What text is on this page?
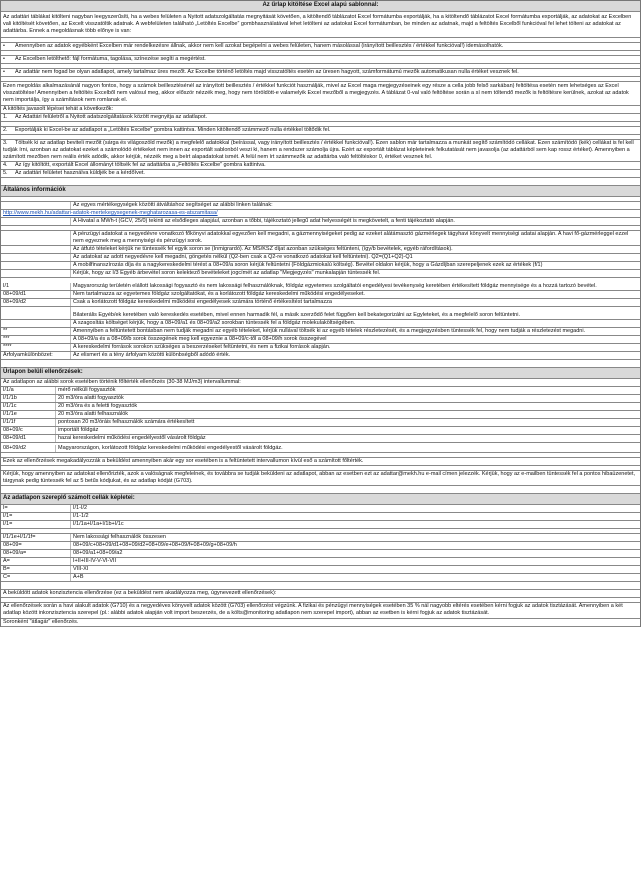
Az űrlap kitöltése Excel alapú sablonnal:
Az adattári táblákat kitölteni nagyban leegyszerűsíti, ha a webes felületen a Nyitott adatszolgáltatás megnyitását követően, a kitöltendő táblázatot Excel formátumba exportálják, ha a kitöltendő táblázatot Excel formátumba exportálják, az adatokat az Excelben vali kitöltését követően, az Excelt visszatöltik adatnak. A webfelületen található „Letöltés Excelbe” gombhasználatával lehet letölteni az adatokat Excel formátumban, be minden az adatnak, majd a feltöltés Excelből funkcióval fel lehet tölteni az adatokat az adattárba. Ennek a megoldásnak több előnye is van:
• Amennyiben az adatok egyébként Excelben már rendelkezésre állnak, akkor nem kell azokat begépelni a webes felületen, hanem másolással (irányított beillesztés / értékkel funkcióval!) idemásolhatók.
• Az Excelben letölthető: fájl formátuma, tagolása, színezése segíti a megértést.
• Az adattár nem fogad be olyan adatlapot, amely tartalmaz üres mezőt. Az Excelbe történő letöltés majd visszatöltés esetén az üresen hagyott, számformátumú mezők automatikusan nulla értéket vesznek fel.
Ezen megoldás alkalmazásánál nagyon fontos, hogy a számok beillesztésénél az irányított beillesztés / értékkel funkciót használják, mivel az Excel maga megjegyzéseinek egy része a cella jobb felső sarkában) feltöltésa esetén nem lehetséges az Excel visszatöltése! Amennyiben a feltöltés Excelből nem valósul meg, akkor először nézzék meg, hogy nem töröldött-e valamelyik Excel mezőből a megjegyzés. A táblázat 0-val való feltöltése során a sí nem töltendő mezők is feltöltésre kerülnek, azokat az adatok nem importálja, így a számítások nem romlanak el.
A kitöltés javasolt lépései tehát a következők:
1. Az Adattári felületről a Nyitott adatszolgáltatások között megnyitja az adatlapot.
2. Exportálják ki Excel-be az adatlapot a „Letöltés Excelbe” gombra kattintva. Minden kitöltendő számmező nulla értékkel töltődik fel.
3. Töltsék ki az adatlap beviteli mezőit (sárga és világoszöld mezők) a megfelelő adatokkal (beírással, vagy irányított beillesztés / értékkel funkcióval!). Ezen sablon már tartalmazza a munkát segítő számítódó cellákat. Ezen számítódó (kék) cellákat is fel kell tudják írni, azonban az adatokat ezeket a számolódó értékeket nem innen az exportált sablonból veszi ki, hanem a rendszer számolja újra. Ezért az exportált táblázat képleteinek felkutatását nem javasolja (az adattárból sem kap rossz értéket). Amennyiben a számított mezőben nem reális érték adódik, akkor kérjük, nézzék meg a beírt alapadatokat ismét. A felül nem írt számmezők az adattárba való feltöltéskor 0, értéket vesznek fel.
4. Az így kitöltött, exportált Excel állományt töltsék fel az adattárba a „Feltöltés Excelbe” gombra kattintva.
5. Az adattári felületet használva küldjék be a kérdőívet.
Általános információk
Az egyes mértékegységek közötti átváltáshoz segítséget az alábbi linken találnak:
http://www.mekh.hu/adattari-adatok-mertekegysegenek-meghatarozasa-es-atszamitasa/
A Hivatal a MWh-t (GCV, 25/0) tekinti az elsődleges alapjául, azonban a tőbbi, tájékoztató jellegű adat helyességét is megkövetelt, a fenti tájékoztató alapján.
A pénzügyi adatokat a negyedévre vonatkozó főkönyvi adatokkal egyezően kell megadni, a gázmennyiségeket pedig az ezeket alátámasztó gázmérlegek tágyhavi könyvelt mennyiségi adatai alapján. A havi fő-gázmérleggel ezzel nem egyeznek meg a mennyiségi és pénzügyi sorok.
Az átfutó tételeket kérjük ne tüntessék fel egyik soron se (Inmigrardó). Az MS/KSZ díjat azonban szükséges feltünteni, (így/b bevételek, egyéb ráfordítások).
Az adatokat az adott negyedévre kell megadni, göngetés nélkül (Q2-ben csak a Q2-re vonatkozó adatokat kell feltüntetni). Q2=(Q1+Q2)-Q1
A mobilfinanszírozás díja és a nagykereskedelmi térést a 08+09/a soron kérjük feltüntetni (Földgázmiokalú költség). Bevétel oldalon kérjük, hogy a Gázdíjban szerepeljenek ezek az értékek (f/1)
Kérjük, hogy az I/3 Egyéb árbevétel soron kelektező bevételeket jogcímét az adatlap "Megjegyzés" munkalapján tüntessék fel.
I/1	Magyarország területén elállott lakossági fogyasztó és nem lakossági felhasználóknak, földgáz egyetemes szolgáltatói engedélyesi tevékenység keretében értékesített földgáz mennyisége és a hozzá tartozó bevétel.
08+09/d1	Nem tartalmazza az egyetemes földgáz szolgáltatókat, és a korlátozott földgáz kereskedelmi működési engedélyeseket.
08+09/d2	Csak a korlátozott földgáz kereskedelmi működési engedélyesek számára történő értékesítést tartalmazza
Bilaterális Egyéb/ek keretében való kereskedés esetében, mivel ennen harmadik fél, a másik szerződő felet függően kell bekategorizálni az Egyleteket, és a megfelelő soron feltüntetni.
A szagosítás költséget kérjük, hogy a 08+09/a1 és 08+09/a2 sorokban tüntessék fel a földgáz molekulaköltségében.
**	Amennyiben a feltüntetett bontásban nem tudják megadni az egyéb tételeket, kérjük nullával töltsék ki az egyéb tételek részletezését, és a megjegyzésben tüntessék fel, hogy nem tudják a részletezést megadni.
***	A 08+09/a és a 08+09/b sorok összegének meg kell egyeznie a 08+09/c-től a 08+09/h sorok összegével
****	A kereskedelmi források sorokon szükséges a beszerzéseket feltüntetni, és nem a fizikai források alapján.
Árfolyamkülönbözet:	Az elismert és a tény árfolyam közötti különbségből adódó érték.
Űrlapon belüli ellenőrzések:
Az adatlapon az alábbi sorok esetében történik főltérték ellenőrzés (30-38 MJ/m3) intervallummal:
I/1/a	mérő nélküli fogyasztók
I/1/1b	20 m3/óra alatti fogyasztók
I/1/1c	20 m3/óra és a feletti fogyasztók
I/1/1e	20 m3/óra alatti felhasználók
I/1/1f	pontosan 20 m3/óráis felhasználók számára értékesített
08+09/c	importált földgáz
08+09/d1	hazai kereskedelmi működési engedélyestől vásárolt földgáz
08+09/d2	Magyarországon, korlátozott földgáz kereskedelmi működési engedélyestől vásárolt földgáz.
Ezek az ellenőrzések megakadályozzák a beküldést amennyiben akár egy sor esetében is a feltüntetett intervallumon kívül eső a számított főltérték.
Kérjük, hogy amennyiben az adatokat ellenőrizték, azok a valóságnak megfelelnek, és továbbra se tudják beküldeni az adatlapot, abban az esetben ezt az adattar@mekh.hu e-mail címen jelezzék. Kérjük, hogy az e-mailben tüntessék fel a pontos hibaüzenetet, tárgynak pedig tüntessék fel az 5 betűs kódjukat, és az adatlap kódját (G703).
Az adatlapon szereplő számolt cellák képletei:
I=	I/1-I/2
I/1=	I/1-1/2
I/1=	I/1/1a+I/1a+I/1b+I/1c
I/1/1e+I/1/1f=	Nem lakossági felhasználók összesen
08+09=	08+09/c+08+09/d1+08+09/d2+08+09/e+08+09/f+08+09/g+08+09/h
08+09/a=	08+09/a1+08+09/a2
A=	I+II+III-IV-V-VI-VII
B=	VIII-XI
C=	A+B
A beküldött adatok konzisztencia ellenőrzése (ez a beküldést nem akadályozza meg, úgynevezett ellenőrzések):
Az ellenőrzések során a havi alakult adatok (G710) és a negyedéves könyvelt adatok között (G703) ellenőrzést végzünk. A fizikai és pénzügyi mennyiségek esetében 35 % nál nagyobb eltérés esetében kérni fogjuk az adatok tisztázását. Amennyiben a két adatlap között inkonzisztencia szerepel (pl.: alábbi adatok alapján volt import beszerzés, de a költs@monitoring adatlapon nem szerepel import), abban az esetben is kérni fogjuk az adatok tisztázását.
Soronként "átlagár" ellenőrzés.
